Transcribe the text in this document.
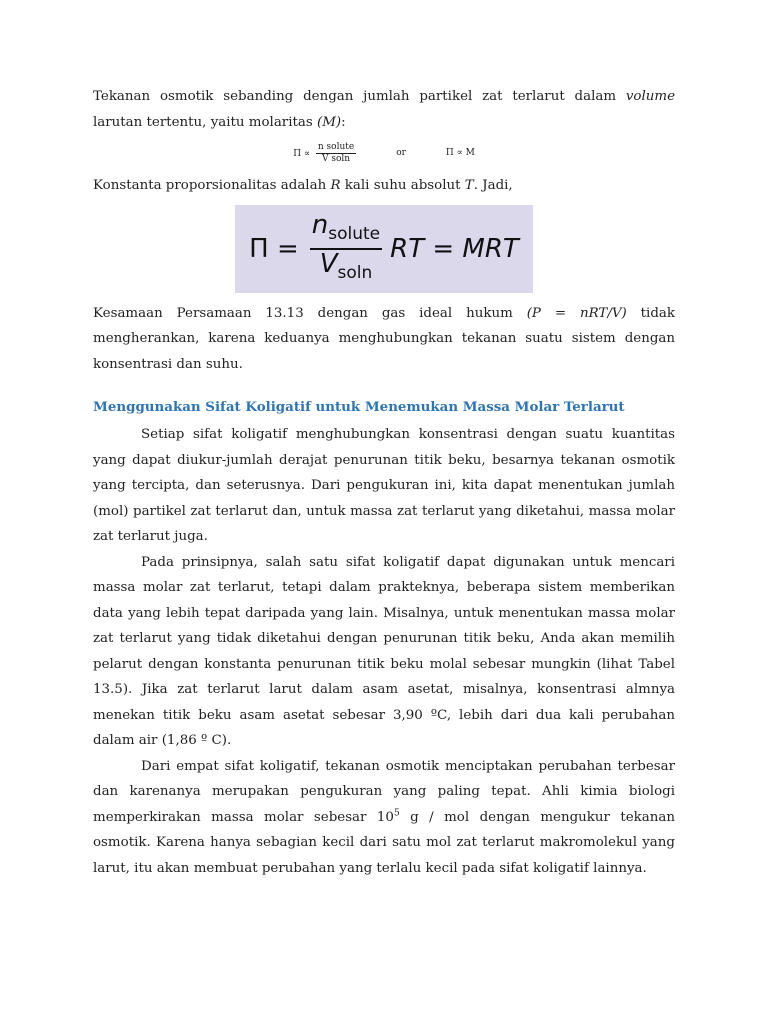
Tekanan osmotik sebanding dengan jumlah partikel zat terlarut dalam volume larutan tertentu, yaitu molaritas (M):

$\Pi \propto \frac{\text{n solute}}{\text{V soln}}$	or	Π ∝ M

Konstanta proporsionalitas adalah R kali suhu absolut T. Jadi,

$\Pi = \frac{n_{solute}}{V_{soln}}$ RT = MRT

Kesamaan Persamaan 13.13 dengan gas ideal hukum (P = nRT/V) tidak mengherankan, karena keduanya menghubungkan tekanan suatu sistem dengan konsentrasi dan suhu.

Menggunakan Sifat Koligatif untuk Menemukan Massa Molar Terlarut

Setiap sifat koligatif menghubungkan konsentrasi dengan suatu kuantitas yang dapat diukur-jumlah derajat penurunan titik beku, besarnya tekanan osmotik yang tercipta, dan seterusnya. Dari pengukuran ini, kita dapat menentukan jumlah (mol) partikel zat terlarut dan, untuk massa zat terlarut yang diketahui, massa molar zat terlarut juga.

Pada prinsipnya, salah satu sifat koligatif dapat digunakan untuk mencari massa molar zat terlarut, tetapi dalam prakteknya, beberapa sistem memberikan data yang lebih tepat daripada yang lain. Misalnya, untuk menentukan massa molar zat terlarut yang tidak diketahui dengan penurunan titik beku, Anda akan memilih pelarut dengan konstanta penurunan titik beku molal sebesar mungkin (lihat Tabel 13.5). Jika zat terlarut larut dalam asam asetat, misalnya, konsentrasi almnya menekan titik beku asam asetat sebesar 3,90 ºC, lebih dari dua kali perubahan dalam air (1,86 º C).

Dari empat sifat koligatif, tekanan osmotik menciptakan perubahan terbesar dan karenanya merupakan pengukuran yang paling tepat. Ahli kimia biologi memperkirakan massa molar sebesar $10^5$ g / mol dengan mengukur tekanan osmotik. Karena hanya sebagian kecil dari satu mol zat terlarut makromolekul yang larut, itu akan membuat perubahan yang terlalu kecil pada sifat koligatif lainnya.
